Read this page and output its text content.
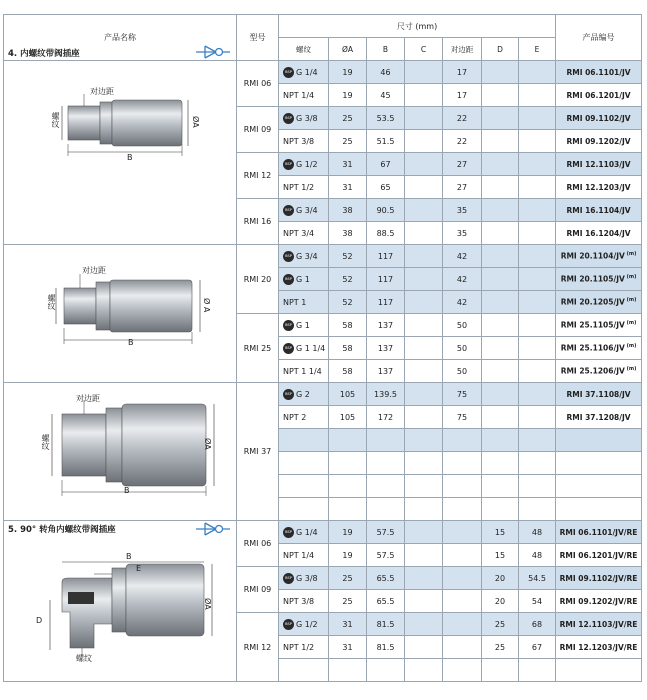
产品名称	型号	尺寸 (mm)							产品编号
		螺纹	ØA	B	C	对边距	D	E	
	RMI 06	BSP G 1/4	19	46		17			RMI 06.1101/JV
		NPT 1/4	19	45		17			RMI 06.1201/JV
	RMI 09	BSP G 3/8	25	53.5		22			RMI 09.1102/JV
		NPT 3/8	25	51.5		22			RMI 09.1202/JV
	RMI 12	BSP G 1/2	31	67		27			RMI 12.1103/JV
		NPT 1/2	31	65		27			RMI 12.1203/JV
	RMI 16	BSP G 3/4	38	90.5		35			RMI 16.1104/JV
		NPT 3/4	38	88.5		35			RMI 16.1204/JV
	RMI 20	BSP G 3/4	52	117		42			RMI 20.1104/JV $^{(m)}$
		BSP G 1	52	117		42			RMI 20.1105/JV $^{(m)}$
		NPT 1	52	117		42			RMI 20.1205/JV $^{(m)}$
	RMI 25	BSP G 1	58	137		50			RMI 25.1105/JV $^{(m)}$
		BSP G 1 1/4	58	137		50			RMI 25.1106/JV $^{(m)}$
		NPT 1 1/4	58	137		50			RMI 25.1206/JV $^{(m)}$
	RMI 37	BSP G 2	105	139.5		75			RMI 37.1108/JV
		NPT 2	105	172		75			RMI 37.1208/JV

	RMI 06	BSP G 1/4	19	57.5			15	48	RMI 06.1101/JV/RE
		NPT 1/4	19	57.5			15	48	RMI 06.1201/JV/RE
	RMI 09	BSP G 3/8	25	65.5			20	54.5	RMI 09.1102/JV/RE
		NPT 3/8	25	65.5			20	54	RMI 09.1202/JV/RE
	RMI 12	BSP G 1/2	31	81.5			25	68	RMI 12.1103/JV/RE
		NPT 1/2	31	81.5			25	67	RMI 12.1203/JV/RE

4. 内螺纹带阀插座
对边距
螺纹	ØA
B
对边距
螺纹	Ø A
B
对边距
螺纹	ØA
B
5. 90° 转角内螺纹带阀插座
B
E
D
ØA
螺纹
